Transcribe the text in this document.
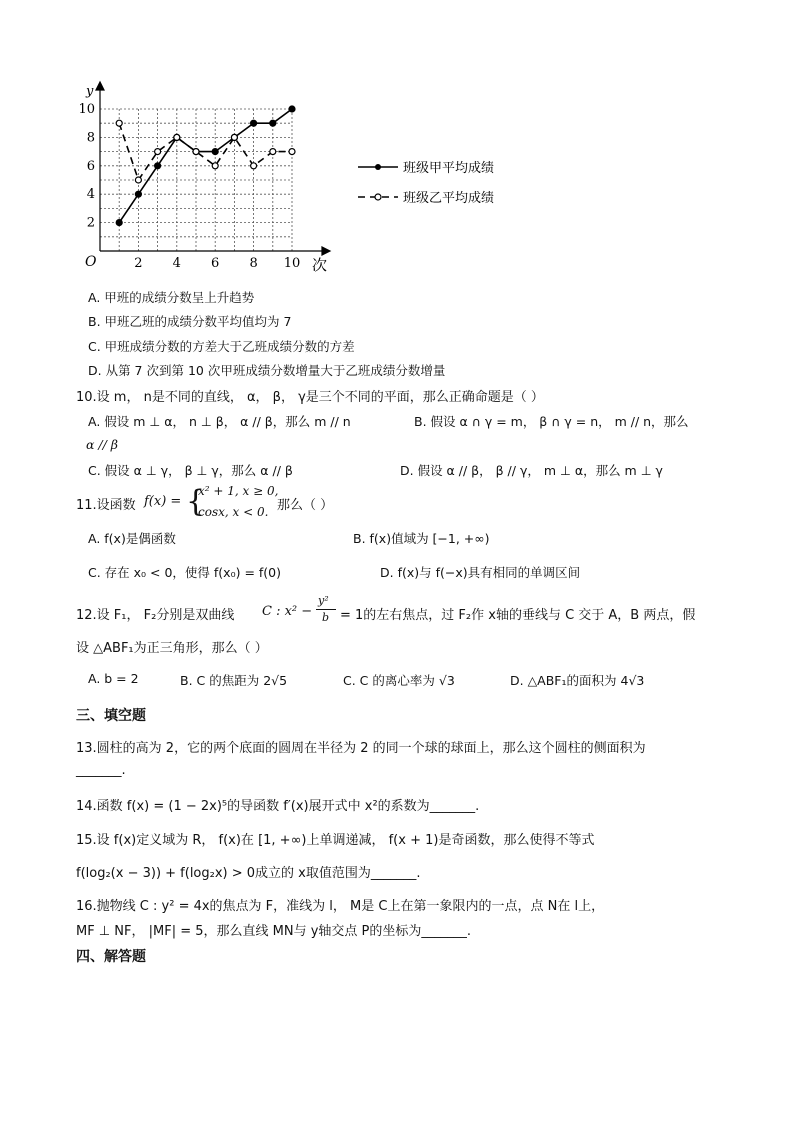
y
次
O	2 4 6 8 10
2
4
6
8
10
班级甲平均成绩
班级乙平均成绩
A. 甲班的成绩分数呈上升趋势
B. 甲班乙班的成绩分数平均值均为 7
C. 甲班成绩分数的方差大于乙班成绩分数的方差
D. 从第 7 次到第 10 次甲班成绩分数增量大于乙班成绩分数增量
10.设 m， n是不同的直线， α， β， γ是三个不同的平面，那么正确命题是（ ）
A. 假设 m ⊥ α， n ⊥ β， α // β，那么 m // n	B. 假设 α ∩ γ = m， β ∩ γ = n， m // n，那么
α // β
C. 假设 α ⊥ γ， β ⊥ γ，那么 α // β	D. 假设 α // β， β // γ， m ⊥ α，那么 m ⊥ γ
11.设函数 f(x) = {
x² + 1, x ≥ 0,
cosx, x < 0. 那么（ ）
A. f(x)是偶函数	B. f(x)值域为 [−1, +∞)
C. 存在 x₀ < 0，使得 f(x₀) = f(0)	D. f(x)与 f(−x)具有相同的单调区间
12.设 F₁， F₂分别是双曲线 C : x² −
y²
b = 1的左右焦点，过 F₂作 x轴的垂线与 C 交于 A，B 两点，假
设 △ABF₁为正三角形，那么（ ）
A. b = 2	B. C 的焦距为 2√5	C. C 的离心率为 √3	D. △ABF₁的面积为 4√3
三、填空题
13.圆柱的高为 2，它的两个底面的圆周在半径为 2 的同一个球的球面上，那么这个圆柱的侧面积为
_______.
14.函数 f(x) = (1 − 2x)⁵的导函数 f′(x)展开式中 x²的系数为_______.
15.设 f(x)定义域为 R， f(x)在 [1, +∞)上单调递减， f(x + 1)是奇函数，那么使得不等式
f(log₂(x − 3)) + f(log₂x) > 0成立的 x取值范围为_______.
16.抛物线 C : y² = 4x的焦点为 F，准线为 l， M是 C上在第一象限内的一点，点 N在 l上，
MF ⊥ NF， |MF| = 5，那么直线 MN与 y轴交点 P的坐标为_______.
四、解答题
